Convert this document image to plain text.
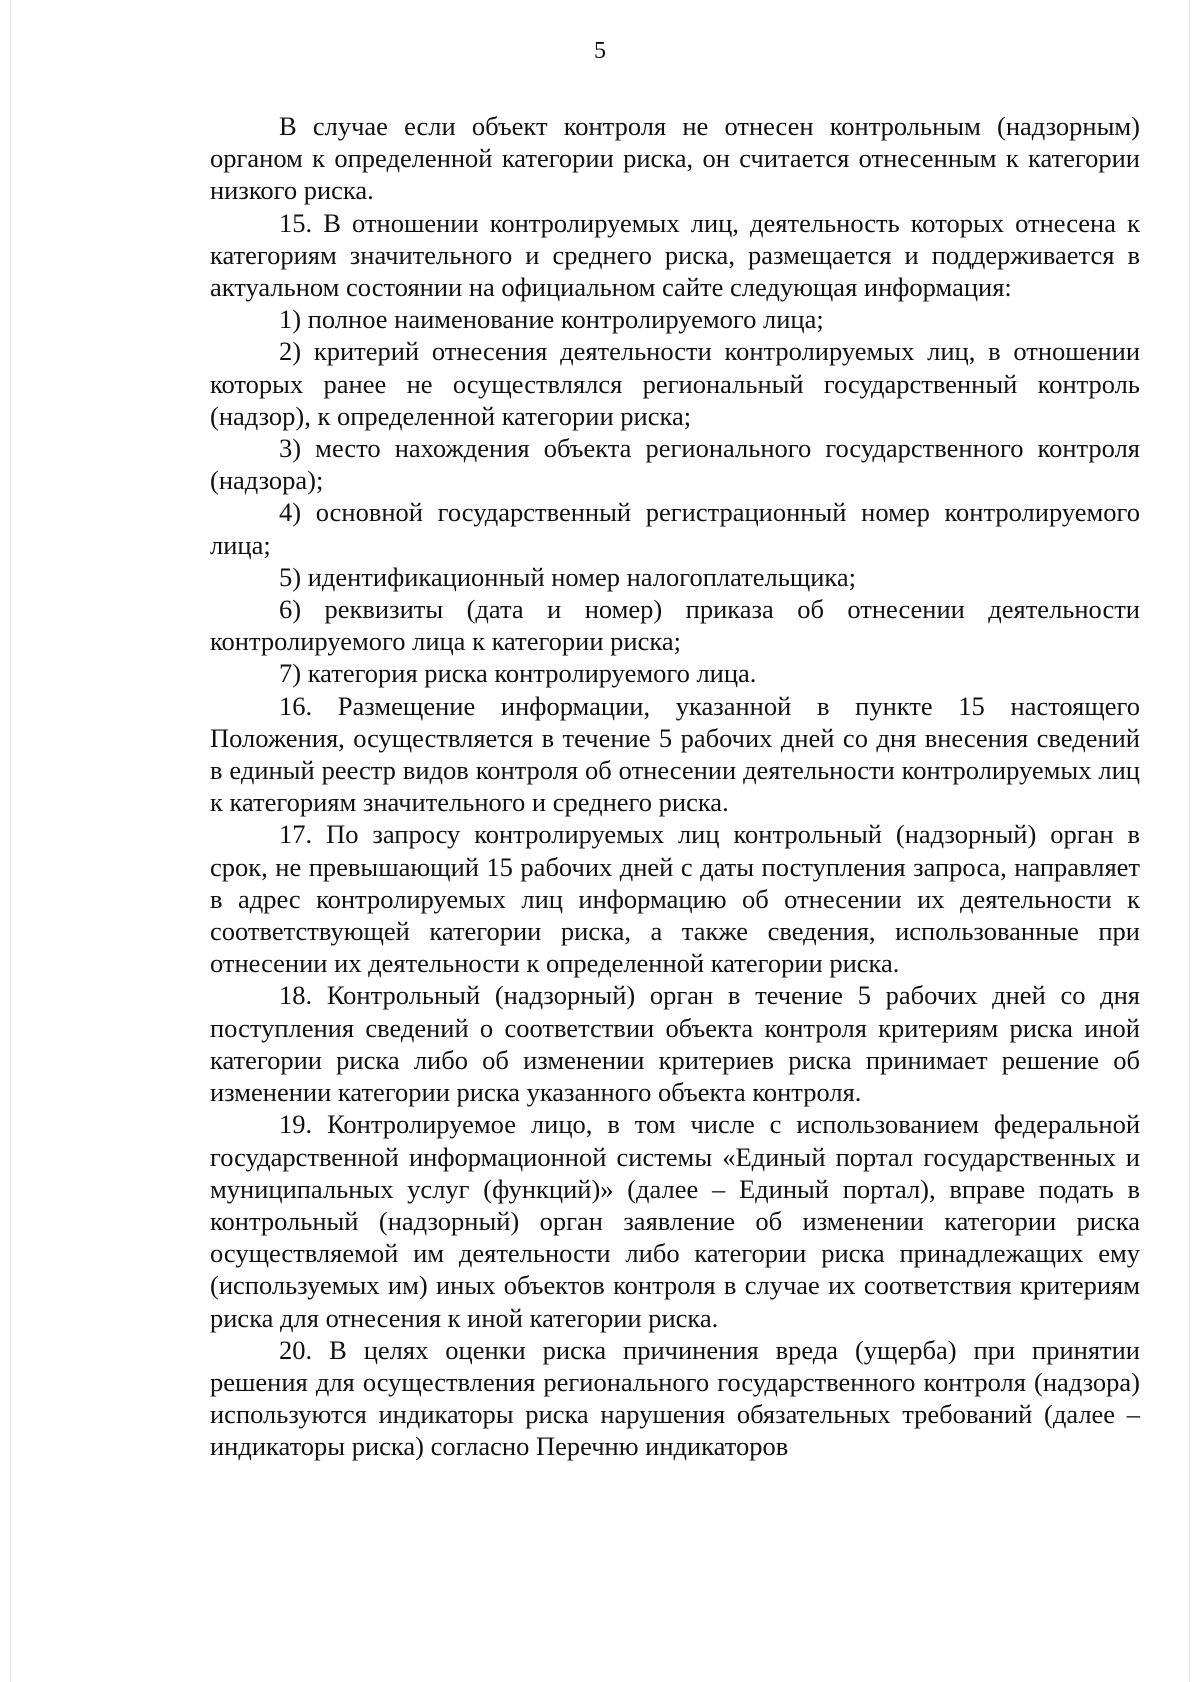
5

В случае если объект контроля не отнесен контрольным (надзорным) органом к определенной категории риска, он считается отнесенным к категории низкого риска.

15. В отношении контролируемых лиц, деятельность которых отнесена к категориям значительного и среднего риска, размещается и поддерживается в актуальном состоянии на официальном сайте следующая информация:

1) полное наименование контролируемого лица;

2) критерий отнесения деятельности контролируемых лиц, в отношении которых ранее не осуществлялся региональный государственный контроль (надзор), к определенной категории риска;

3) место нахождения объекта регионального государственного контроля (надзора);

4) основной государственный регистрационный номер контролируемого лица;

5) идентификационный номер налогоплательщика;

6) реквизиты (дата и номер) приказа об отнесении деятельности контролируемого лица к категории риска;

7) категория риска контролируемого лица.

16. Размещение информации, указанной в пункте 15 настоящего Положения, осуществляется в течение 5 рабочих дней со дня внесения сведений в единый реестр видов контроля об отнесении деятельности контролируемых лиц к категориям значительного и среднего риска.

17. По запросу контролируемых лиц контрольный (надзорный) орган в срок, не превышающий 15 рабочих дней с даты поступления запроса, направляет в адрес контролируемых лиц информацию об отнесении их деятельности к соответствующей категории риска, а также сведения, использованные при отнесении их деятельности к определенной категории риска.

18. Контрольный (надзорный) орган в течение 5 рабочих дней со дня поступления сведений о соответствии объекта контроля критериям риска иной категории риска либо об изменении критериев риска принимает решение об изменении категории риска указанного объекта контроля.

19. Контролируемое лицо, в том числе с использованием федеральной государственной информационной системы «Единый портал государственных и муниципальных услуг (функций)» (далее – Единый портал), вправе подать в контрольный (надзорный) орган заявление об изменении категории риска осуществляемой им деятельности либо категории риска принадлежащих ему (используемых им) иных объектов контроля в случае их соответствия критериям риска для отнесения к иной категории риска.

20. В целях оценки риска причинения вреда (ущерба) при принятии решения для осуществления регионального государственного контроля (надзора) используются индикаторы риска нарушения обязательных требований (далее – индикаторы риска) согласно Перечню индикаторов
